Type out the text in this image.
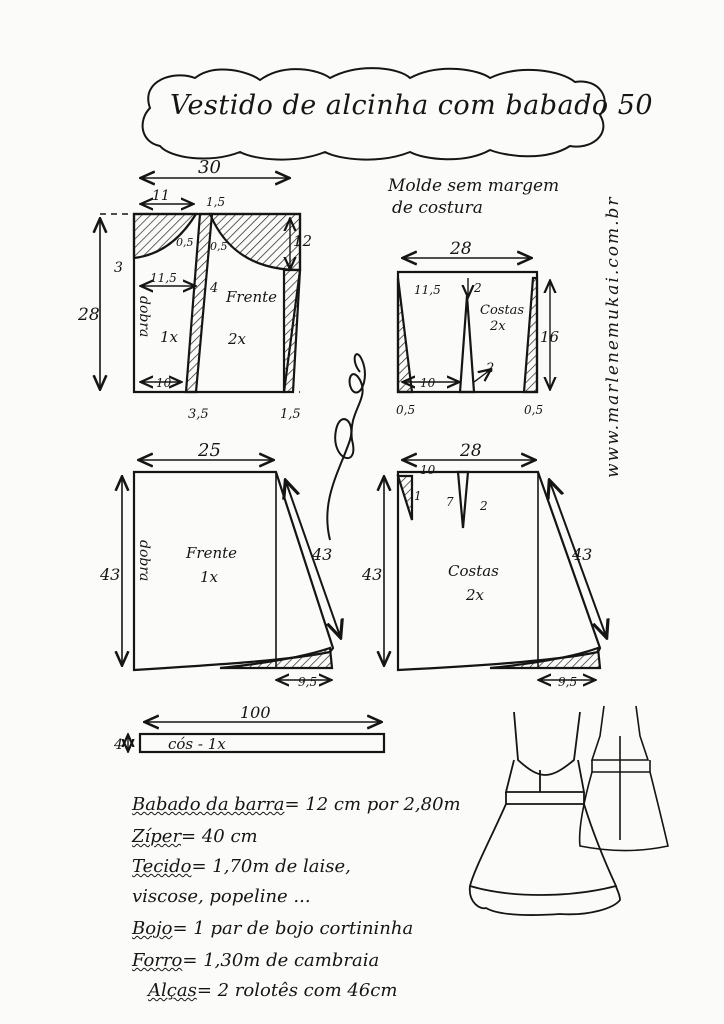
30
28
11	1,5
0,5 0,5	12
3
11,5
4
10
3,5	1,5
dobra 1x
Frente
2x
28
11,5	2
Costas
2x
16
10
2
0,5	0,5
25
43
43
9,5
dobra Frente
1x
28
10
7
1
2
43
43
9,5
Costas
2x
100
4	cós - 1x
www.marlenemukai.com.br
Vestido de alcinha com babado 50
Molde sem margem
de costura
Babado da barra= 12 cm por 2,80m
Zíper= 40 cm
Tecido= 1,70m de laise,
viscose, popeline ...
Bojo= 1 par de bojo cortininha
Forro= 1,30m de cambraia
Alças= 2 rolotês com 46cm
